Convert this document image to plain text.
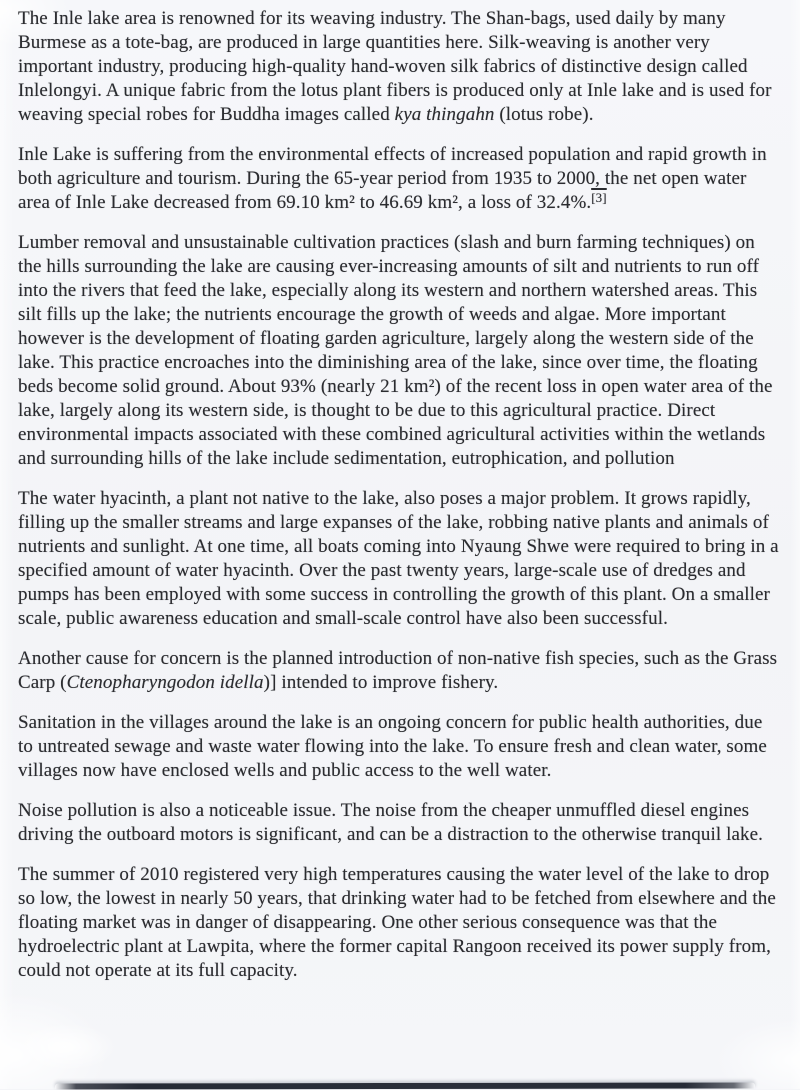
The Inle lake area is renowned for its weaving industry. The Shan-bags, used daily by many Burmese as a tote-bag, are produced in large quantities here. Silk-weaving is another very important industry, producing high-quality hand-woven silk fabrics of distinctive design called Inlelongyi. A unique fabric from the lotus plant fibers is produced only at Inle lake and is used for weaving special robes for Buddha images called kya thingahn (lotus robe).

Inle Lake is suffering from the environmental effects of increased population and rapid growth in both agriculture and tourism. During the 65-year period from 1935 to 2000, the net open water area of Inle Lake decreased from 69.10 km² to 46.69 km², a loss of 32.4%.[3]

Lumber removal and unsustainable cultivation practices (slash and burn farming techniques) on the hills surrounding the lake are causing ever-increasing amounts of silt and nutrients to run off into the rivers that feed the lake, especially along its western and northern watershed areas. This silt fills up the lake; the nutrients encourage the growth of weeds and algae. More important however is the development of floating garden agriculture, largely along the western side of the lake. This practice encroaches into the diminishing area of the lake, since over time, the floating beds become solid ground. About 93% (nearly 21 km²) of the recent loss in open water area of the lake, largely along its western side, is thought to be due to this agricultural practice. Direct environmental impacts associated with these combined agricultural activities within the wetlands and surrounding hills of the lake include sedimentation, eutrophication, and pollution

The water hyacinth, a plant not native to the lake, also poses a major problem. It grows rapidly, filling up the smaller streams and large expanses of the lake, robbing native plants and animals of nutrients and sunlight. At one time, all boats coming into Nyaung Shwe were required to bring in a specified amount of water hyacinth. Over the past twenty years, large-scale use of dredges and pumps has been employed with some success in controlling the growth of this plant. On a smaller scale, public awareness education and small-scale control have also been successful.

Another cause for concern is the planned introduction of non-native fish species, such as the Grass Carp (Ctenopharyngodon idella)] intended to improve fishery.

Sanitation in the villages around the lake is an ongoing concern for public health authorities, due to untreated sewage and waste water flowing into the lake. To ensure fresh and clean water, some villages now have enclosed wells and public access to the well water.

Noise pollution is also a noticeable issue. The noise from the cheaper unmuffled diesel engines driving the outboard motors is significant, and can be a distraction to the otherwise tranquil lake.

The summer of 2010 registered very high temperatures causing the water level of the lake to drop so low, the lowest in nearly 50 years, that drinking water had to be fetched from elsewhere and the floating market was in danger of disappearing. One other serious consequence was that the hydroelectric plant at Lawpita, where the former capital Rangoon received its power supply from, could not operate at its full capacity.
